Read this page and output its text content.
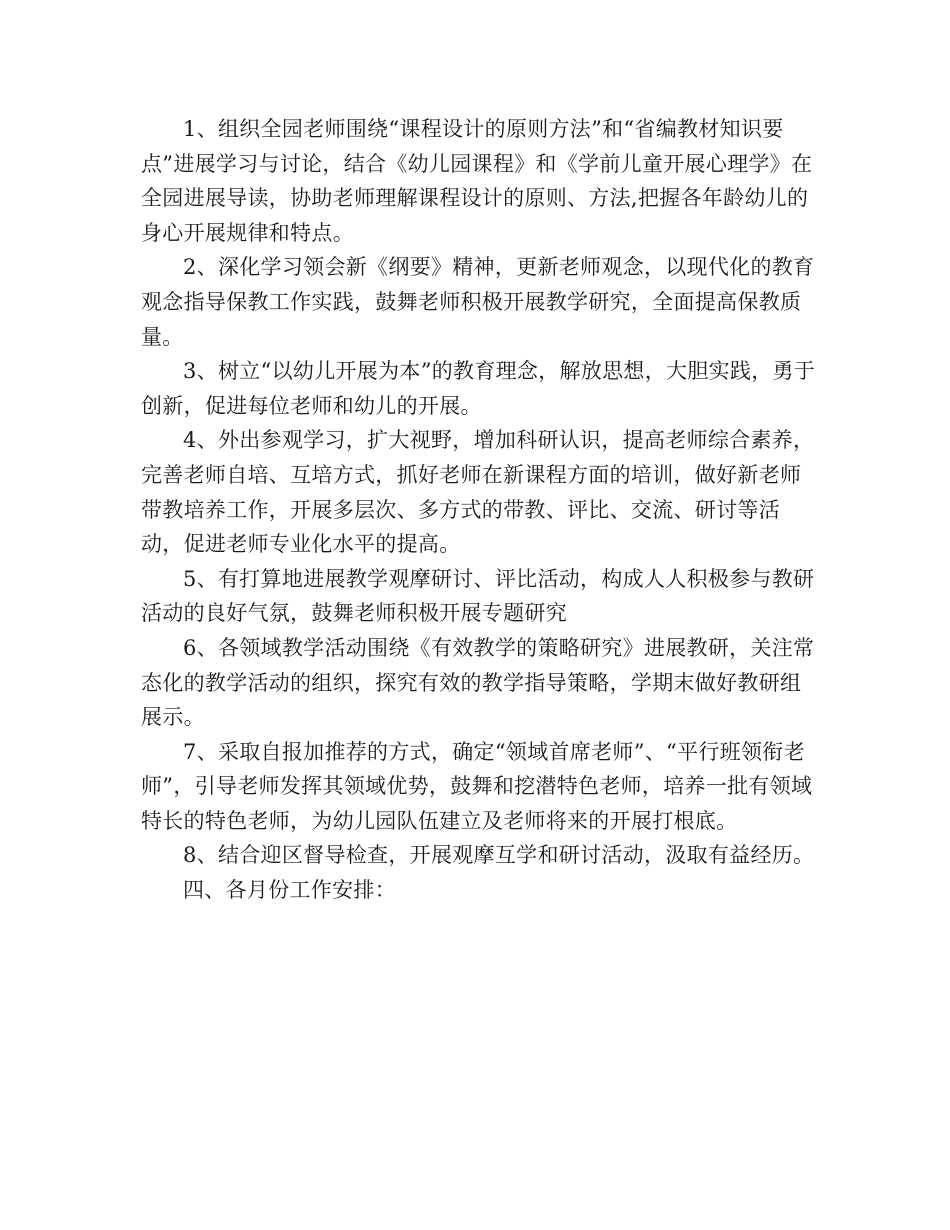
1、组织全园老师围绕“课程设计的原则方法”和“省编教材知识要点”进展学习与讨论，结合《幼儿园课程》和《学前儿童开展心理学》在全园进展导读，协助老师理解课程设计的原则、方法,把握各年龄幼儿的身心开展规律和特点。

2、深化学习领会新《纲要》精神，更新老师观念，以现代化的教育观念指导保教工作实践，鼓舞老师积极开展教学研究，全面提高保教质量。

3、树立“以幼儿开展为本”的教育理念，解放思想，大胆实践，勇于创新，促进每位老师和幼儿的开展。

4、外出参观学习，扩大视野，增加科研认识，提高老师综合素养，完善老师自培、互培方式，抓好老师在新课程方面的培训，做好新老师带教培养工作，开展多层次、多方式的带教、评比、交流、研讨等活动，促进老师专业化水平的提高。

5、有打算地进展教学观摩研讨、评比活动，构成人人积极参与教研活动的良好气氛，鼓舞老师积极开展专题研究

6、各领域教学活动围绕《有效教学的策略研究》进展教研，关注常态化的教学活动的组织，探究有效的教学指导策略，学期末做好教研组展示。

7、采取自报加推荐的方式，确定“领域首席老师”、“平行班领衔老师”，引导老师发挥其领域优势，鼓舞和挖潜特色老师，培养一批有领域特长的特色老师，为幼儿园队伍建立及老师将来的开展打根底。

8、结合迎区督导检查，开展观摩互学和研讨活动，汲取有益经历。

四、各月份工作安排：
